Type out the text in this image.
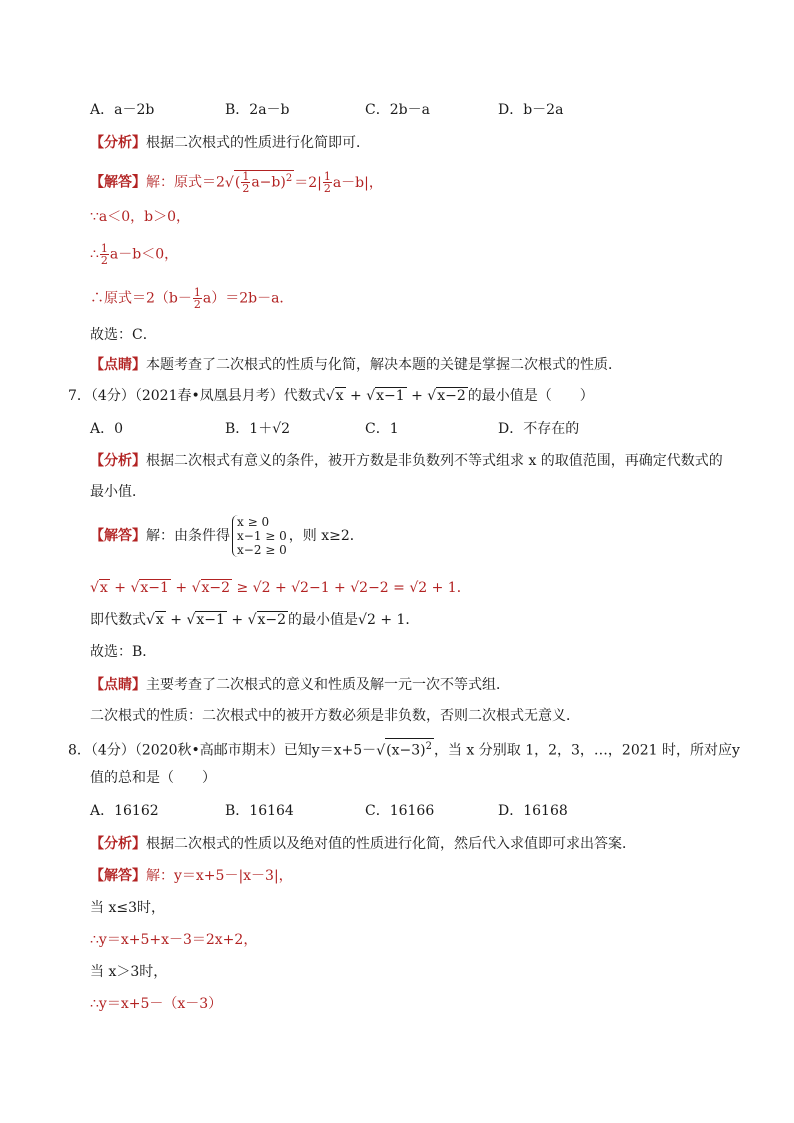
A．a－2b	B．2a－b	C．2b－a	D．b－2a
【分析】根据二次根式的性质进行化简即可．
【解答】解：原式$=2√( \frac{1}{2} a-b)^2 =2| \frac{1}{2} a-b|$，
∵a＜0，b＞0，
∴ $\frac{1}{2} a-b<0$，
∴原式$=2(b- \frac{1}{2} a)=2b-a$．
故选：C．
【点睛】本题考查了二次根式的性质与化简，解决本题的关键是掌握二次根式的性质．
7．（4分）（2021春•凤凰县月考）代数式√x + √x−1 + √x−2 的最小值是（　　）
A．0	B．1＋√2	C．1	D．不存在的
【分析】根据二次根式有意义的条件，被开方数是非负数列不等式组求 x 的取值范围，再确定代数式的
最小值．
【解答】解：由条件得
x ≥ 0
x−1 ≥ 0
x−2 ≥ 0
，则 x≥2．
√x + √x−1 + √x−2 ≥ √2 + √2−1 + √2−2 = √2 + 1．
即代数式√x + √x−1 + √x−2 的最小值是√2 + 1．
故选：B．
【点睛】主要考查了二次根式的意义和性质及解一元一次不等式组．
二次根式的性质：二次根式中的被开方数必须是非负数，否则二次根式无意义．
8．（4分）（2020秋•高邮市期末）已知$y=x+5-√(x-3)^2$ ，当 x 分别取 1，2，3，…，2021 时，所对应y
值的总和是（　　）
A．16162	B．16164	C．16166	D．16168
【分析】根据二次根式的性质以及绝对值的性质进行化简，然后代入求值即可求出答案．
【解答】解：y＝x+5－|x－3|，
当 x≤3时，
∴y＝x+5+x－3＝2x+2，
当 x＞3时，
∴y＝x+5－（x－3）
